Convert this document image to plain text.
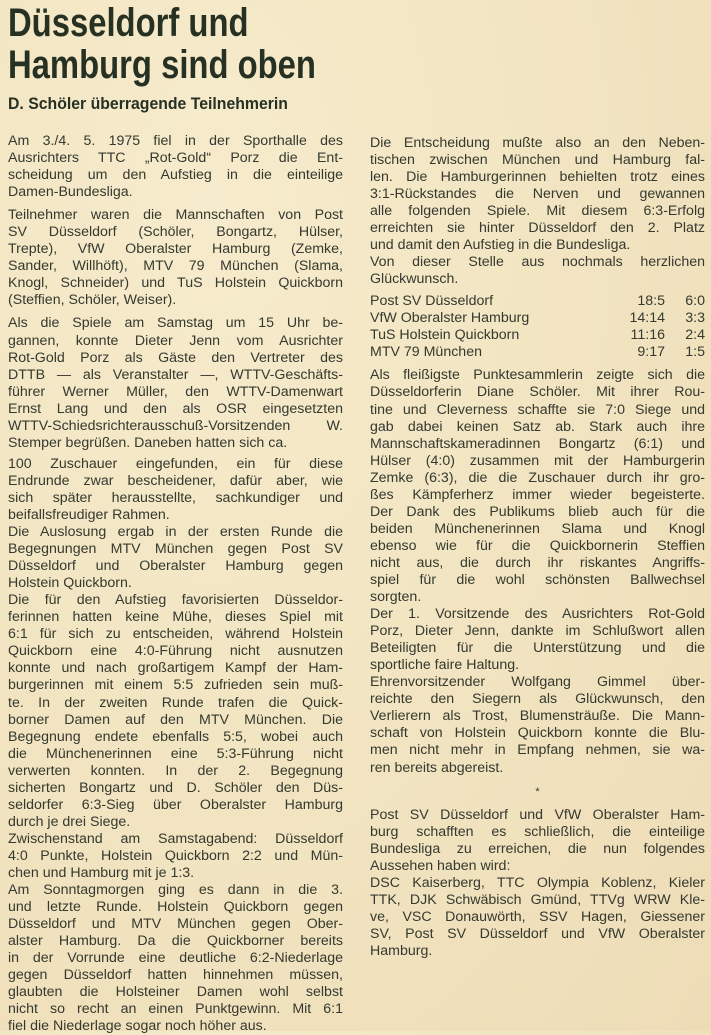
Düsseldorf und
Hamburg sind oben
D. Schöler überragende Teilnehmerin
Am 3./4. 5. 1975 fiel in der Sporthalle des
Ausrichters TTC „Rot-Gold“ Porz die Ent-
scheidung um den Aufstieg in die einteilige
Damen-Bundesliga.
Teilnehmer waren die Mannschaften von Post
SV Düsseldorf (Schöler, Bongartz, Hülser,
Trepte), VfW Oberalster Hamburg (Zemke,
Sander, Willhöft), MTV 79 München (Slama,
Knogl, Schneider) und TuS Holstein Quickborn
(Steffien, Schöler, Weiser).
Als die Spiele am Samstag um 15 Uhr be-
gannen, konnte Dieter Jenn vom Ausrichter
Rot-Gold Porz als Gäste den Vertreter des
DTTB — als Veranstalter —, WTTV-Geschäfts-
führer Werner Müller, den WTTV-Damenwart
Ernst Lang und den als OSR eingesetzten
WTTV-Schiedsrichterausschuß-Vorsitzenden W.
Stemper begrüßen. Daneben hatten sich ca.
100 Zuschauer eingefunden, ein für diese
Endrunde zwar bescheidener, dafür aber, wie
sich später herausstellte, sachkundiger und
beifallsfreudiger Rahmen.
Die Auslosung ergab in der ersten Runde die
Begegnungen MTV München gegen Post SV
Düsseldorf und Oberalster Hamburg gegen
Holstein Quickborn.
Die für den Aufstieg favorisierten Düsseldor-
ferinnen hatten keine Mühe, dieses Spiel mit
6:1 für sich zu entscheiden, während Holstein
Quickborn eine 4:0-Führung nicht ausnutzen
konnte und nach großartigem Kampf der Ham-
burgerinnen mit einem 5:5 zufrieden sein muß-
te. In der zweiten Runde trafen die Quick-
borner Damen auf den MTV München. Die
Begegnung endete ebenfalls 5:5, wobei auch
die Münchenerinnen eine 5:3-Führung nicht
verwerten konnten. In der 2. Begegnung
sicherten Bongartz und D. Schöler den Düs-
seldorfer 6:3-Sieg über Oberalster Hamburg
durch je drei Siege.
Zwischenstand am Samstagabend: Düsseldorf
4:0 Punkte, Holstein Quickborn 2:2 und Mün-
chen und Hamburg mit je 1:3.
Am Sonntagmorgen ging es dann in die 3.
und letzte Runde. Holstein Quickborn gegen
Düsseldorf und MTV München gegen Ober-
alster Hamburg. Da die Quickborner bereits
in der Vorrunde eine deutliche 6:2-Niederlage
gegen Düsseldorf hatten hinnehmen müssen,
glaubten die Holsteiner Damen wohl selbst
nicht so recht an einen Punktgewinn. Mit 6:1
fiel die Niederlage sogar noch höher aus.
Die Entscheidung mußte also an den Neben-
tischen zwischen München und Hamburg fal-
len. Die Hamburgerinnen behielten trotz eines
3:1-Rückstandes die Nerven und gewannen
alle folgenden Spiele. Mit diesem 6:3-Erfolg
erreichten sie hinter Düsseldorf den 2. Platz
und damit den Aufstieg in die Bundesliga.
Von dieser Stelle aus nochmals herzlichen
Glückwunsch.
Post SV Düsseldorf	18:5	6:0
VfW Oberalster Hamburg	14:14	3:3
TuS Holstein Quickborn	11:16	2:4
MTV 79 München	9:17	1:5
Als fleißigste Punktesammlerin zeigte sich die
Düsseldorferin Diane Schöler. Mit ihrer Rou-
tine und Cleverness schaffte sie 7:0 Siege und
gab dabei keinen Satz ab. Stark auch ihre
Mannschaftskameradinnen Bongartz (6:1) und
Hülser (4:0) zusammen mit der Hamburgerin
Zemke (6:3), die die Zuschauer durch ihr gro-
ßes Kämpferherz immer wieder begeisterte.
Der Dank des Publikums blieb auch für die
beiden Münchenerinnen Slama und Knogl
ebenso wie für die Quickbornerin Steffien
nicht aus, die durch ihr riskantes Angriffs-
spiel für die wohl schönsten Ballwechsel
sorgten.
Der 1. Vorsitzende des Ausrichters Rot-Gold
Porz, Dieter Jenn, dankte im Schlußwort allen
Beteiligten für die Unterstützung und die
sportliche faire Haltung.
Ehrenvorsitzender Wolfgang Gimmel über-
reichte den Siegern als Glückwunsch, den
Verlierern als Trost, Blumensträuße. Die Mann-
schaft von Holstein Quickborn konnte die Blu-
men nicht mehr in Empfang nehmen, sie wa-
ren bereits abgereist.
*
Post SV Düsseldorf und VfW Oberalster Ham-
burg schafften es schließlich, die einteilige
Bundesliga zu erreichen, die nun folgendes
Aussehen haben wird:
DSC Kaiserberg, TTC Olympia Koblenz, Kieler
TTK, DJK Schwäbisch Gmünd, TTVg WRW Kle-
ve, VSC Donauwörth, SSV Hagen, Giessener
SV, Post SV Düsseldorf und VfW Oberalster
Hamburg.
